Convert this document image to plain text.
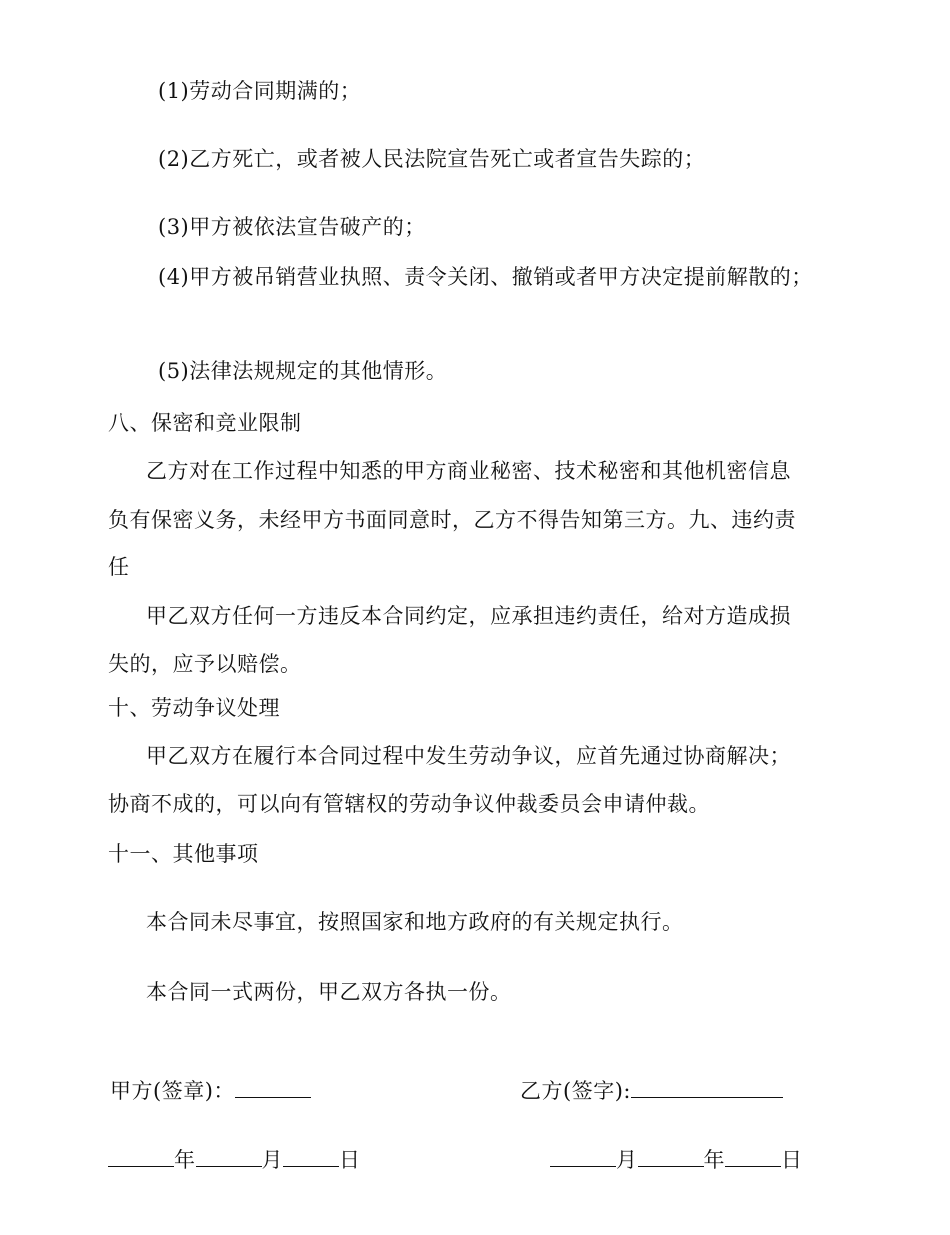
(1)劳动合同期满的；
(2)乙方死亡，或者被人民法院宣告死亡或者宣告失踪的；
(3)甲方被依法宣告破产的；
(4)甲方被吊销营业执照、责令关闭、撤销或者甲方决定提前解散的；
(5)法律法规规定的其他情形。
八、保密和竞业限制
乙方对在工作过程中知悉的甲方商业秘密、技术秘密和其他机密信息
负有保密义务，未经甲方书面同意时，乙方不得告知第三方。九、违约责
任
甲乙双方任何一方违反本合同约定，应承担违约责任，给对方造成损
失的，应予以赔偿。
十、劳动争议处理
甲乙双方在履行本合同过程中发生劳动争议，应首先通过协商解决；
协商不成的，可以向有管辖权的劳动争议仲裁委员会申请仲裁。
十一、其他事项
本合同未尽事宜，按照国家和地方政府的有关规定执行。
本合同一式两份，甲乙双方各执一份。
甲方(签章)：	乙方(签字):
年	月	日	月	年	日
